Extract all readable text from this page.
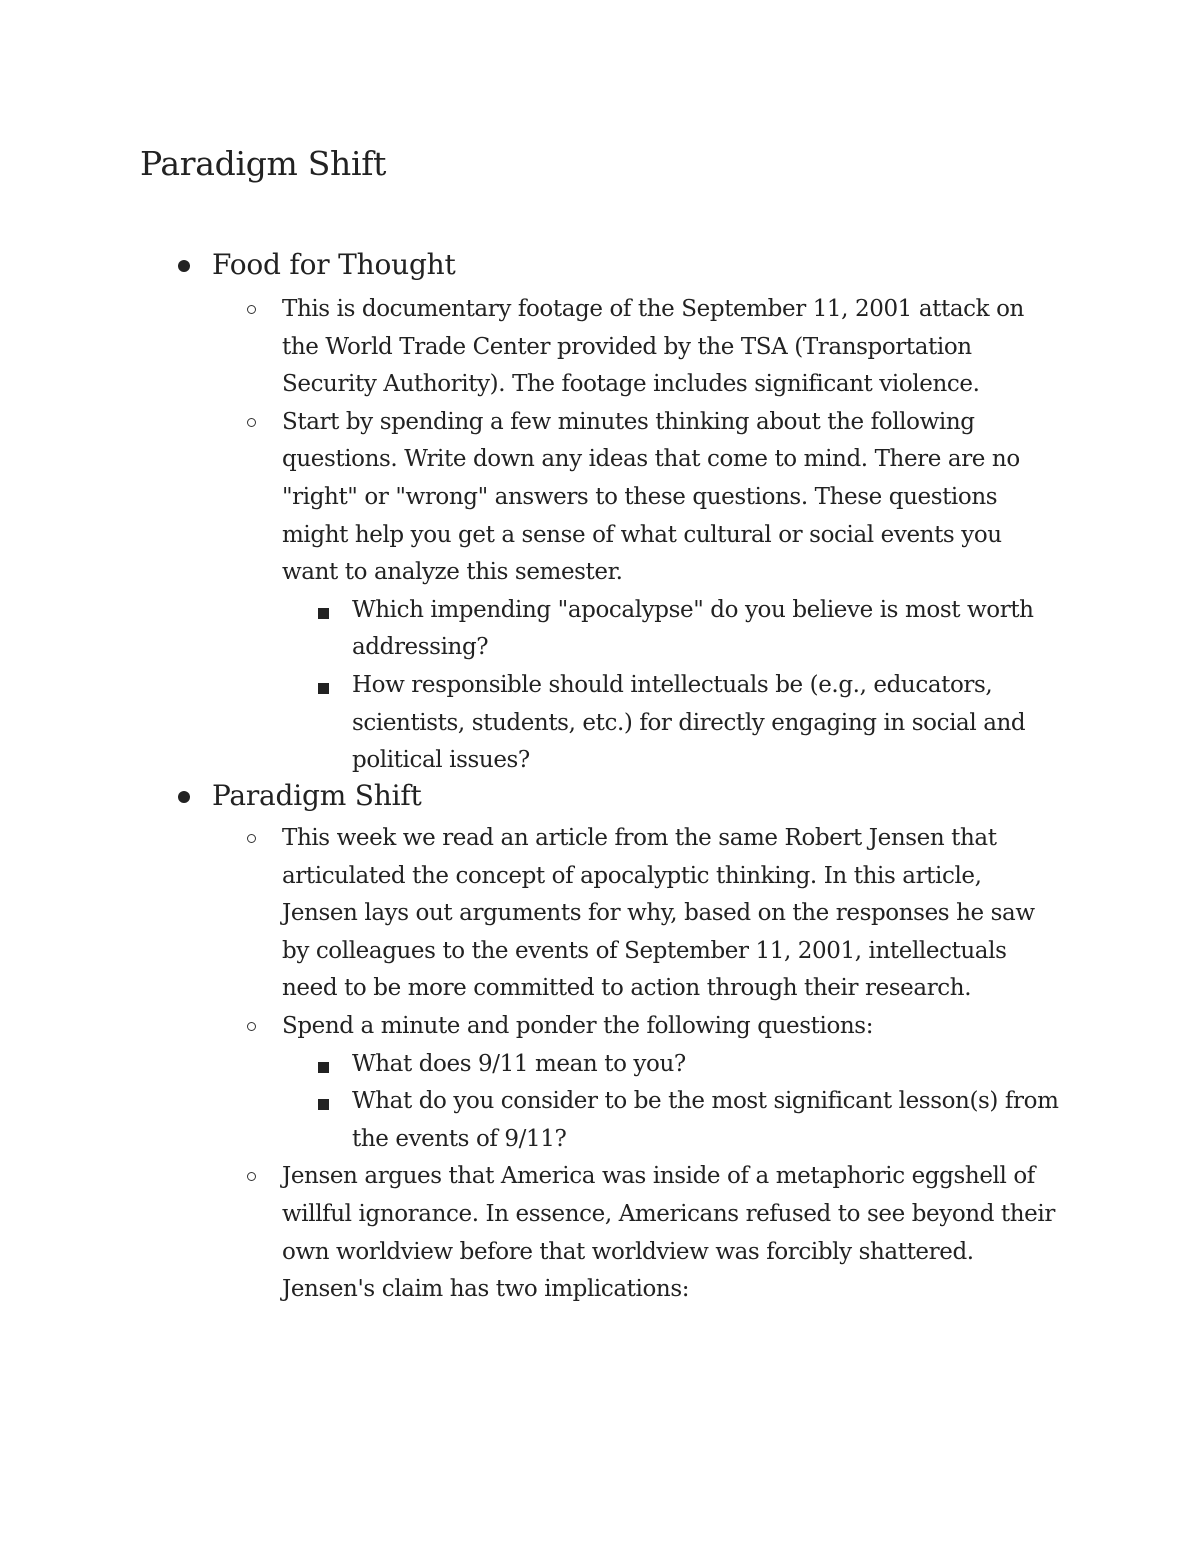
Paradigm Shift
Food for Thought
This is documentary footage of the September 11, 2001 attack on the World Trade Center provided by the TSA (Transportation Security Authority). The footage includes significant violence.
Start by spending a few minutes thinking about the following questions. Write down any ideas that come to mind. There are no "right" or "wrong" answers to these questions. These questions might help you get a sense of what cultural or social events you want to analyze this semester.
Which impending "apocalypse" do you believe is most worth addressing?
How responsible should intellectuals be (e.g., educators, scientists, students, etc.) for directly engaging in social and political issues?
Paradigm Shift
This week we read an article from the same Robert Jensen that articulated the concept of apocalyptic thinking. In this article, Jensen lays out arguments for why, based on the responses he saw by colleagues to the events of September 11, 2001, intellectuals need to be more committed to action through their research.
Spend a minute and ponder the following questions:
What does 9/11 mean to you?
What do you consider to be the most significant lesson(s) from the events of 9/11?
Jensen argues that America was inside of a metaphoric eggshell of willful ignorance. In essence, Americans refused to see beyond their own worldview before that worldview was forcibly shattered. Jensen's claim has two implications:
